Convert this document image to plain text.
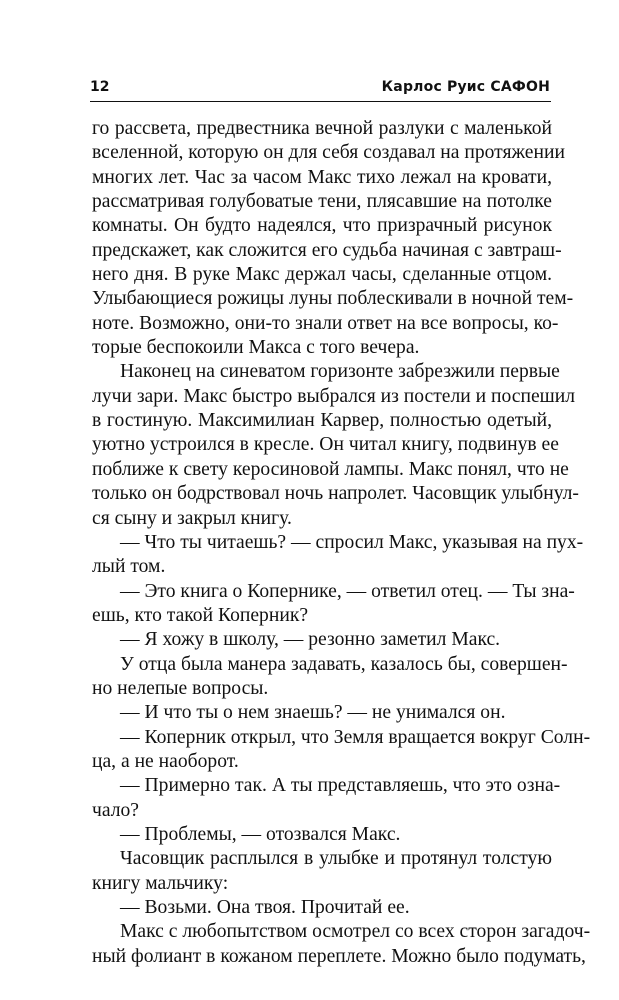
12	Карлос Руис САФОН
го рассвета, предвестника вечной разлуки с маленькой
вселенной, которую он для себя создавал на протяжении
многих лет. Час за часом Макс тихо лежал на кровати,
рассматривая голубоватые тени, плясавшие на потолке
комнаты. Он будто надеялся, что призрачный рисунок
предскажет, как сложится его судьба начиная с завтраш-
него дня. В руке Макс держал часы, сделанные отцом.
Улыбающиеся рожицы луны поблескивали в ночной тем-
ноте. Возможно, они-то знали ответ на все вопросы, ко-
торые беспокоили Макса с того вечера.
Наконец на синеватом горизонте забрезжили первые
лучи зари. Макс быстро выбрался из постели и поспешил
в гостиную. Максимилиан Карвер, полностью одетый,
уютно устроился в кресле. Он читал книгу, подвинув ее
поближе к свету керосиновой лампы. Макс понял, что не
только он бодрствовал ночь напролет. Часовщик улыбнул-
ся сыну и закрыл книгу.
— Что ты читаешь? — спросил Макс, указывая на пух-
лый том.
— Это книга о Копернике, — ответил отец. — Ты зна-
ешь, кто такой Коперник?
— Я хожу в школу, — резонно заметил Макс.
У отца была манера задавать, казалось бы, совершен-
но нелепые вопросы.
— И что ты о нем знаешь? — не унимался он.
— Коперник открыл, что Земля вращается вокруг Солн-
ца, а не наоборот.
— Примерно так. А ты представляешь, что это озна-
чало?
— Проблемы, — отозвался Макс.
Часовщик расплылся в улыбке и протянул толстую
книгу мальчику:
— Возьми. Она твоя. Прочитай ее.
Макс с любопытством осмотрел со всех сторон загадоч-
ный фолиант в кожаном переплете. Можно было подумать,
